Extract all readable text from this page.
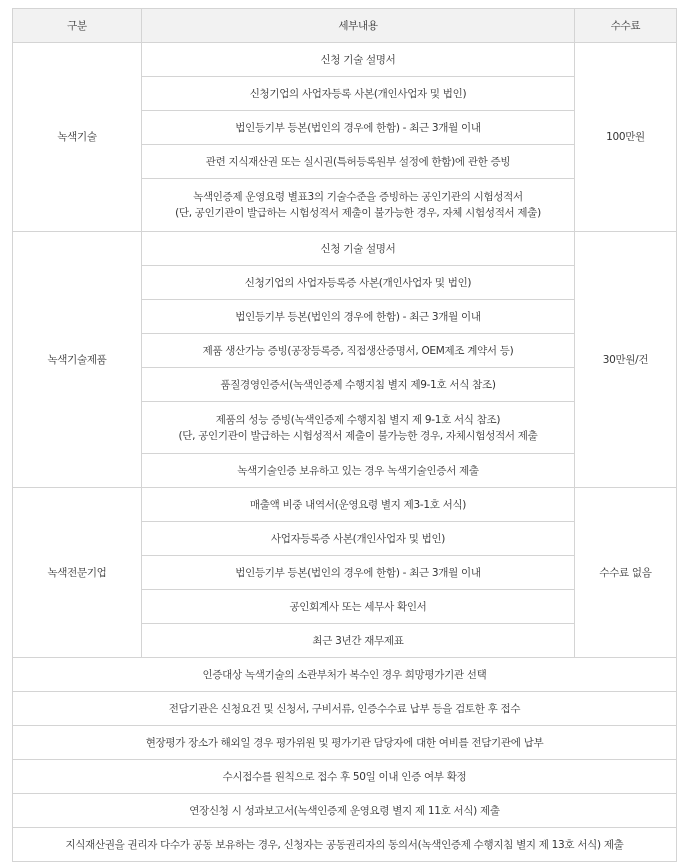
구분	세부내용	수수료
녹색기술	신청 기술 설명서	100만원
	신청기업의 사업자등록 사본(개인사업자 및 법인)	
	법인등기부 등본(법인의 경우에 한함) - 최근 3개월 이내	
	관련 지식재산권 또는 실시권(특허등록원부 설정에 한함)에 관한 증빙	

	녹색인증제 운영요령 별표3의 기술수준을 증빙하는 공인기관의 시험성적서
(단, 공인기관이 발급하는 시험성적서 제출이 불가능한 경우, 자체 시험성적서 제출)	

녹색기술제품	신청 기술 설명서	30만원/건
	신청기업의 사업자등록증 사본(개인사업자 및 법인)	
	법인등기부 등본(법인의 경우에 한함) - 최근 3개월 이내	
	제품 생산가능 증빙(공장등록증, 직접생산증명서, OEM제조 계약서 등)	
	품질경영인증서(녹색인증제 수행지침 별지 제9-1호 서식 참조)	

	제품의 성능 증빙(녹색인증제 수행지침 별지 제 9-1호 서식 참조)
(단, 공인기관이 발급하는 시험성적서 제출이 불가능한 경우, 자체시험성적서 제출	

	녹색기술인증 보유하고 있는 경우 녹색기술인증서 제출	
녹색전문기업	매출액 비중 내역서(운영요령 별지 제3-1호 서식)	수수료 없음
	사업자등록증 사본(개인사업자 및 법인)	
	법인등기부 등본(법인의 경우에 한함) - 최근 3개월 이내	
	공인회계사 또는 세무사 확인서	
	최근 3년간 재무제표	
인증대상 녹색기술의 소관부처가 복수인 경우 희망평가기관 선택		
전담기관은 신청요건 및 신청서, 구비서류, 인증수수료 납부 등을 검토한 후 접수		
현장평가 장소가 해외일 경우 평가위원 및 평가기관 담당자에 대한 여비를 전담기관에 납부		
수시접수를 원칙으로 접수 후 50일 이내 인증 여부 확정		
연장신청 시 성과보고서(녹색인증제 운영요령 별지 제 11호 서식) 제출		
지식재산권을 권리자 다수가 공동 보유하는 경우, 신청자는 공동권리자의 동의서(녹색인증제 수행지침 별지 제 13호 서식) 제출		
